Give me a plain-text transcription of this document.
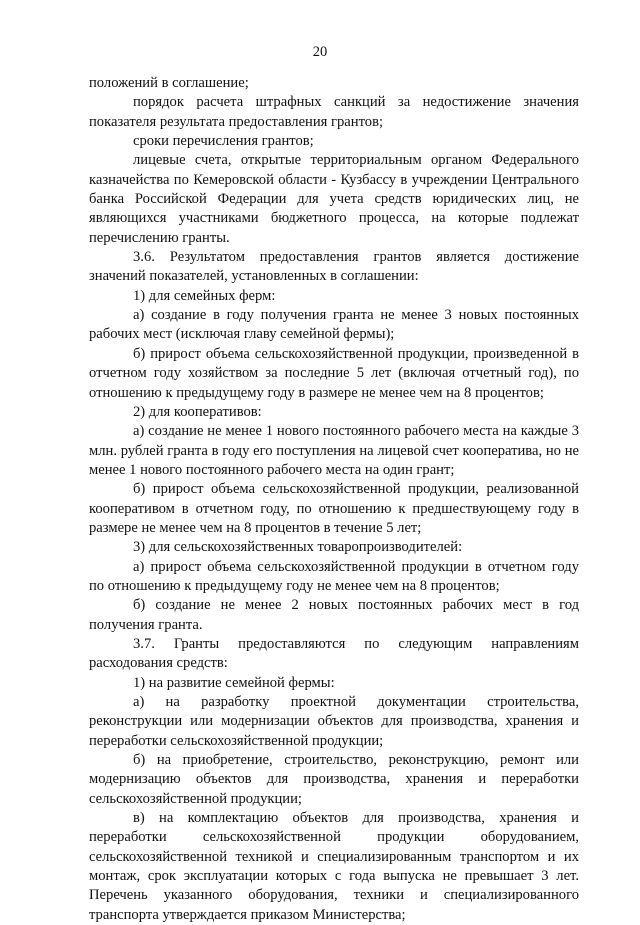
20

положений в соглашение;

порядок расчета штрафных санкций за недостижение значения показателя результата предоставления грантов;

сроки перечисления грантов;

лицевые счета, открытые территориальным органом Федерального казначейства по Кемеровской области - Кузбассу в учреждении Центрального банка Российской Федерации для учета средств юридических лиц, не являющихся участниками бюджетного процесса, на которые подлежат перечислению гранты.

3.6. Результатом предоставления грантов является достижение значений показателей, установленных в соглашении:

1) для семейных ферм:

а) создание в году получения гранта не менее 3 новых постоянных рабочих мест (исключая главу семейной фермы);

б) прирост объема сельскохозяйственной продукции, произведенной в отчетном году хозяйством за последние 5 лет (включая отчетный год), по отношению к предыдущему году в размере не менее чем на 8 процентов;

2) для кооперативов:

а) создание не менее 1 нового постоянного рабочего места на каждые 3 млн. рублей гранта в году его поступления на лицевой счет кооператива, но не менее 1 нового постоянного рабочего места на один грант;

б) прирост объема сельскохозяйственной продукции, реализованной кооперативом в отчетном году, по отношению к предшествующему году в размере не менее чем на 8 процентов в течение 5 лет;

3) для сельскохозяйственных товаропроизводителей:

а) прирост объема сельскохозяйственной продукции в отчетном году по отношению к предыдущему году не менее чем на 8 процентов;

б) создание не менее 2 новых постоянных рабочих мест в год получения гранта.

3.7. Гранты предоставляются по следующим направлениям расходования средств:

1) на развитие семейной фермы:

а) на разработку проектной документации строительства, реконструкции или модернизации объектов для производства, хранения и переработки сельскохозяйственной продукции;

б) на приобретение, строительство, реконструкцию, ремонт или модернизацию объектов для производства, хранения и переработки сельскохозяйственной продукции;

в) на комплектацию объектов для производства, хранения и переработки сельскохозяйственной продукции оборудованием, сельскохозяйственной техникой и специализированным транспортом и их монтаж, срок эксплуатации которых с года выпуска не превышает 3 лет. Перечень указанного оборудования, техники и специализированного транспорта утверждается приказом Министерства;
